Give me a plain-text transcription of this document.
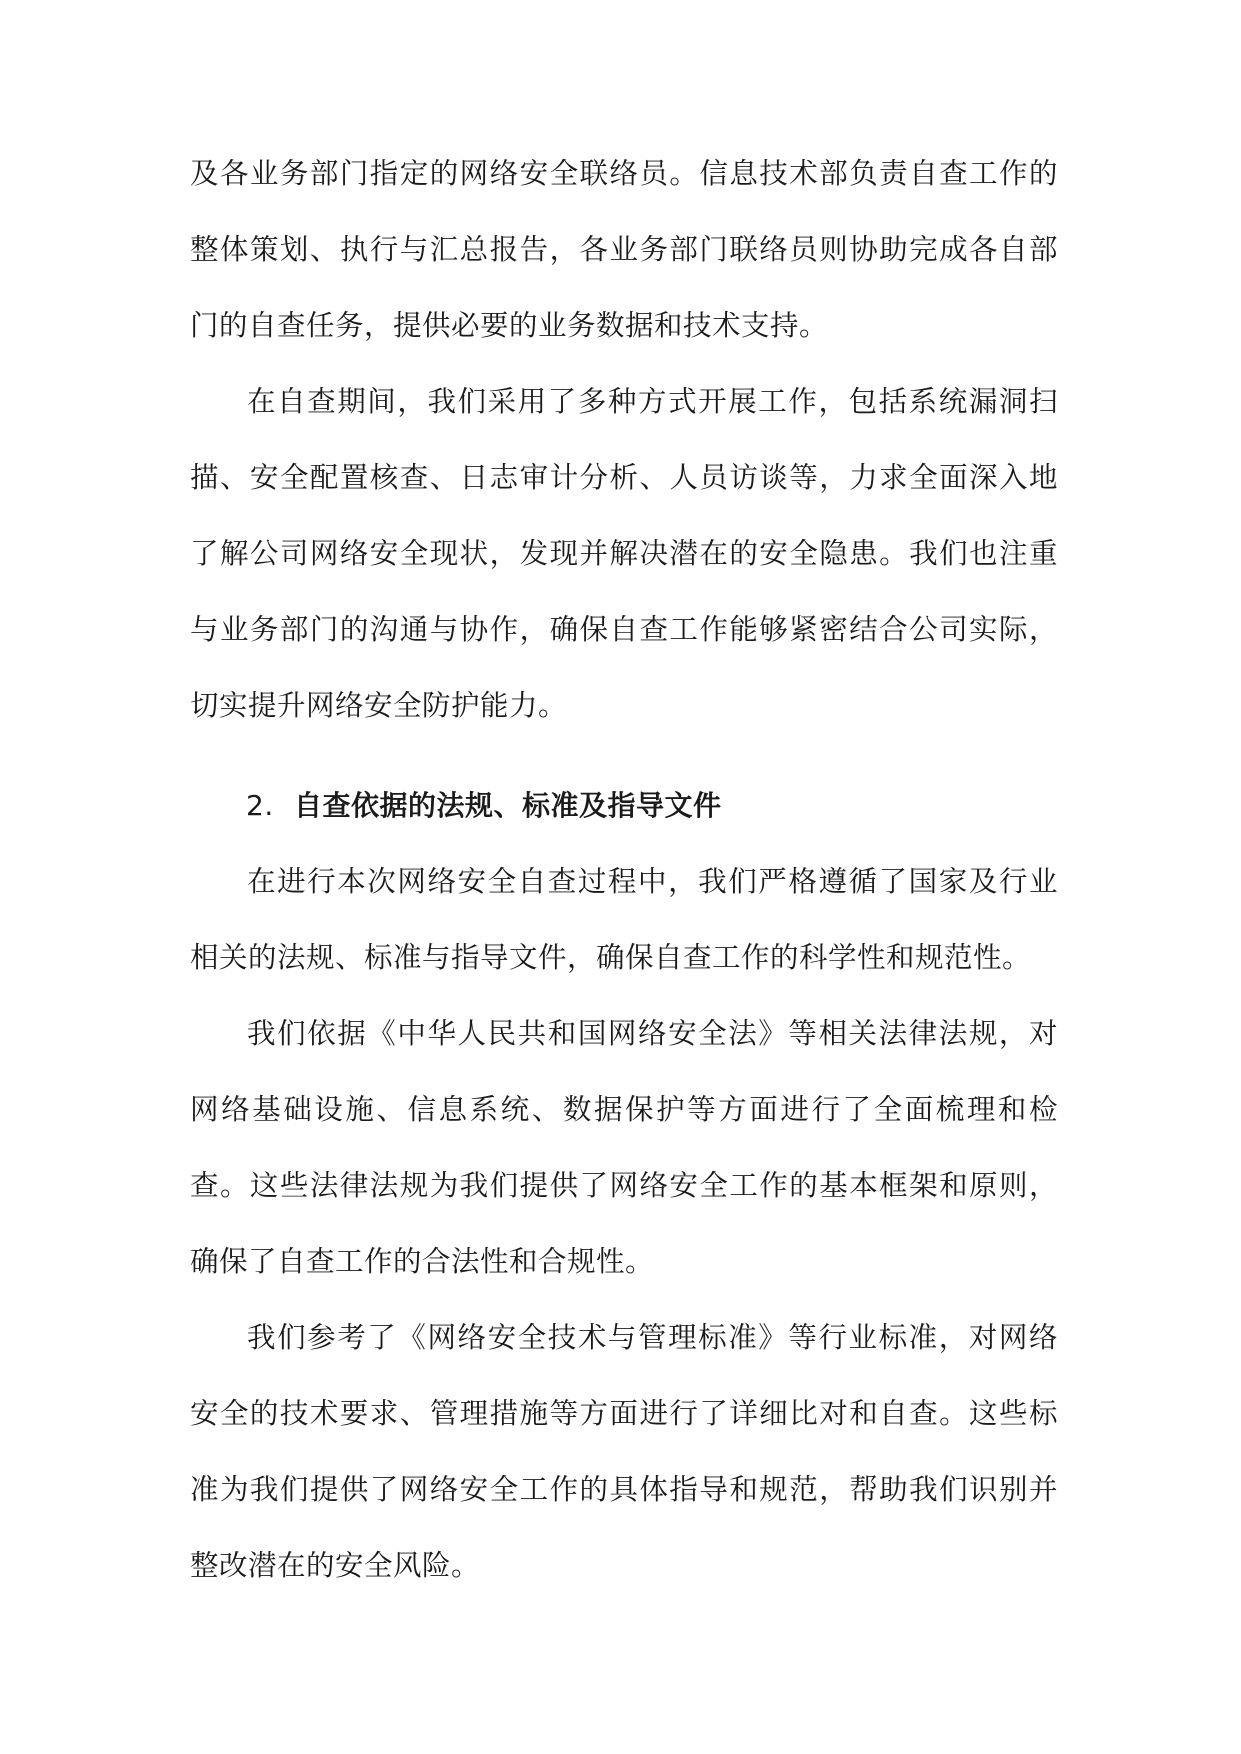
及各业务部门指定的网络安全联络员。信息技术部负责自查工作的整体策划、执行与汇总报告，各业务部门联络员则协助完成各自部门的自查任务，提供必要的业务数据和技术支持。

在自查期间，我们采用了多种方式开展工作，包括系统漏洞扫描、安全配置核查、日志审计分析、人员访谈等，力求全面深入地了解公司网络安全现状，发现并解决潜在的安全隐患。我们也注重与业务部门的沟通与协作，确保自查工作能够紧密结合公司实际，切实提升网络安全防护能力。

2. 自查依据的法规、标准及指导文件

在进行本次网络安全自查过程中，我们严格遵循了国家及行业相关的法规、标准与指导文件，确保自查工作的科学性和规范性。

我们依据《中华人民共和国网络安全法》等相关法律法规，对网络基础设施、信息系统、数据保护等方面进行了全面梳理和检查。这些法律法规为我们提供了网络安全工作的基本框架和原则，确保了自查工作的合法性和合规性。

我们参考了《网络安全技术与管理标准》等行业标准，对网络安全的技术要求、管理措施等方面进行了详细比对和自查。这些标准为我们提供了网络安全工作的具体指导和规范，帮助我们识别并整改潜在的安全风险。
